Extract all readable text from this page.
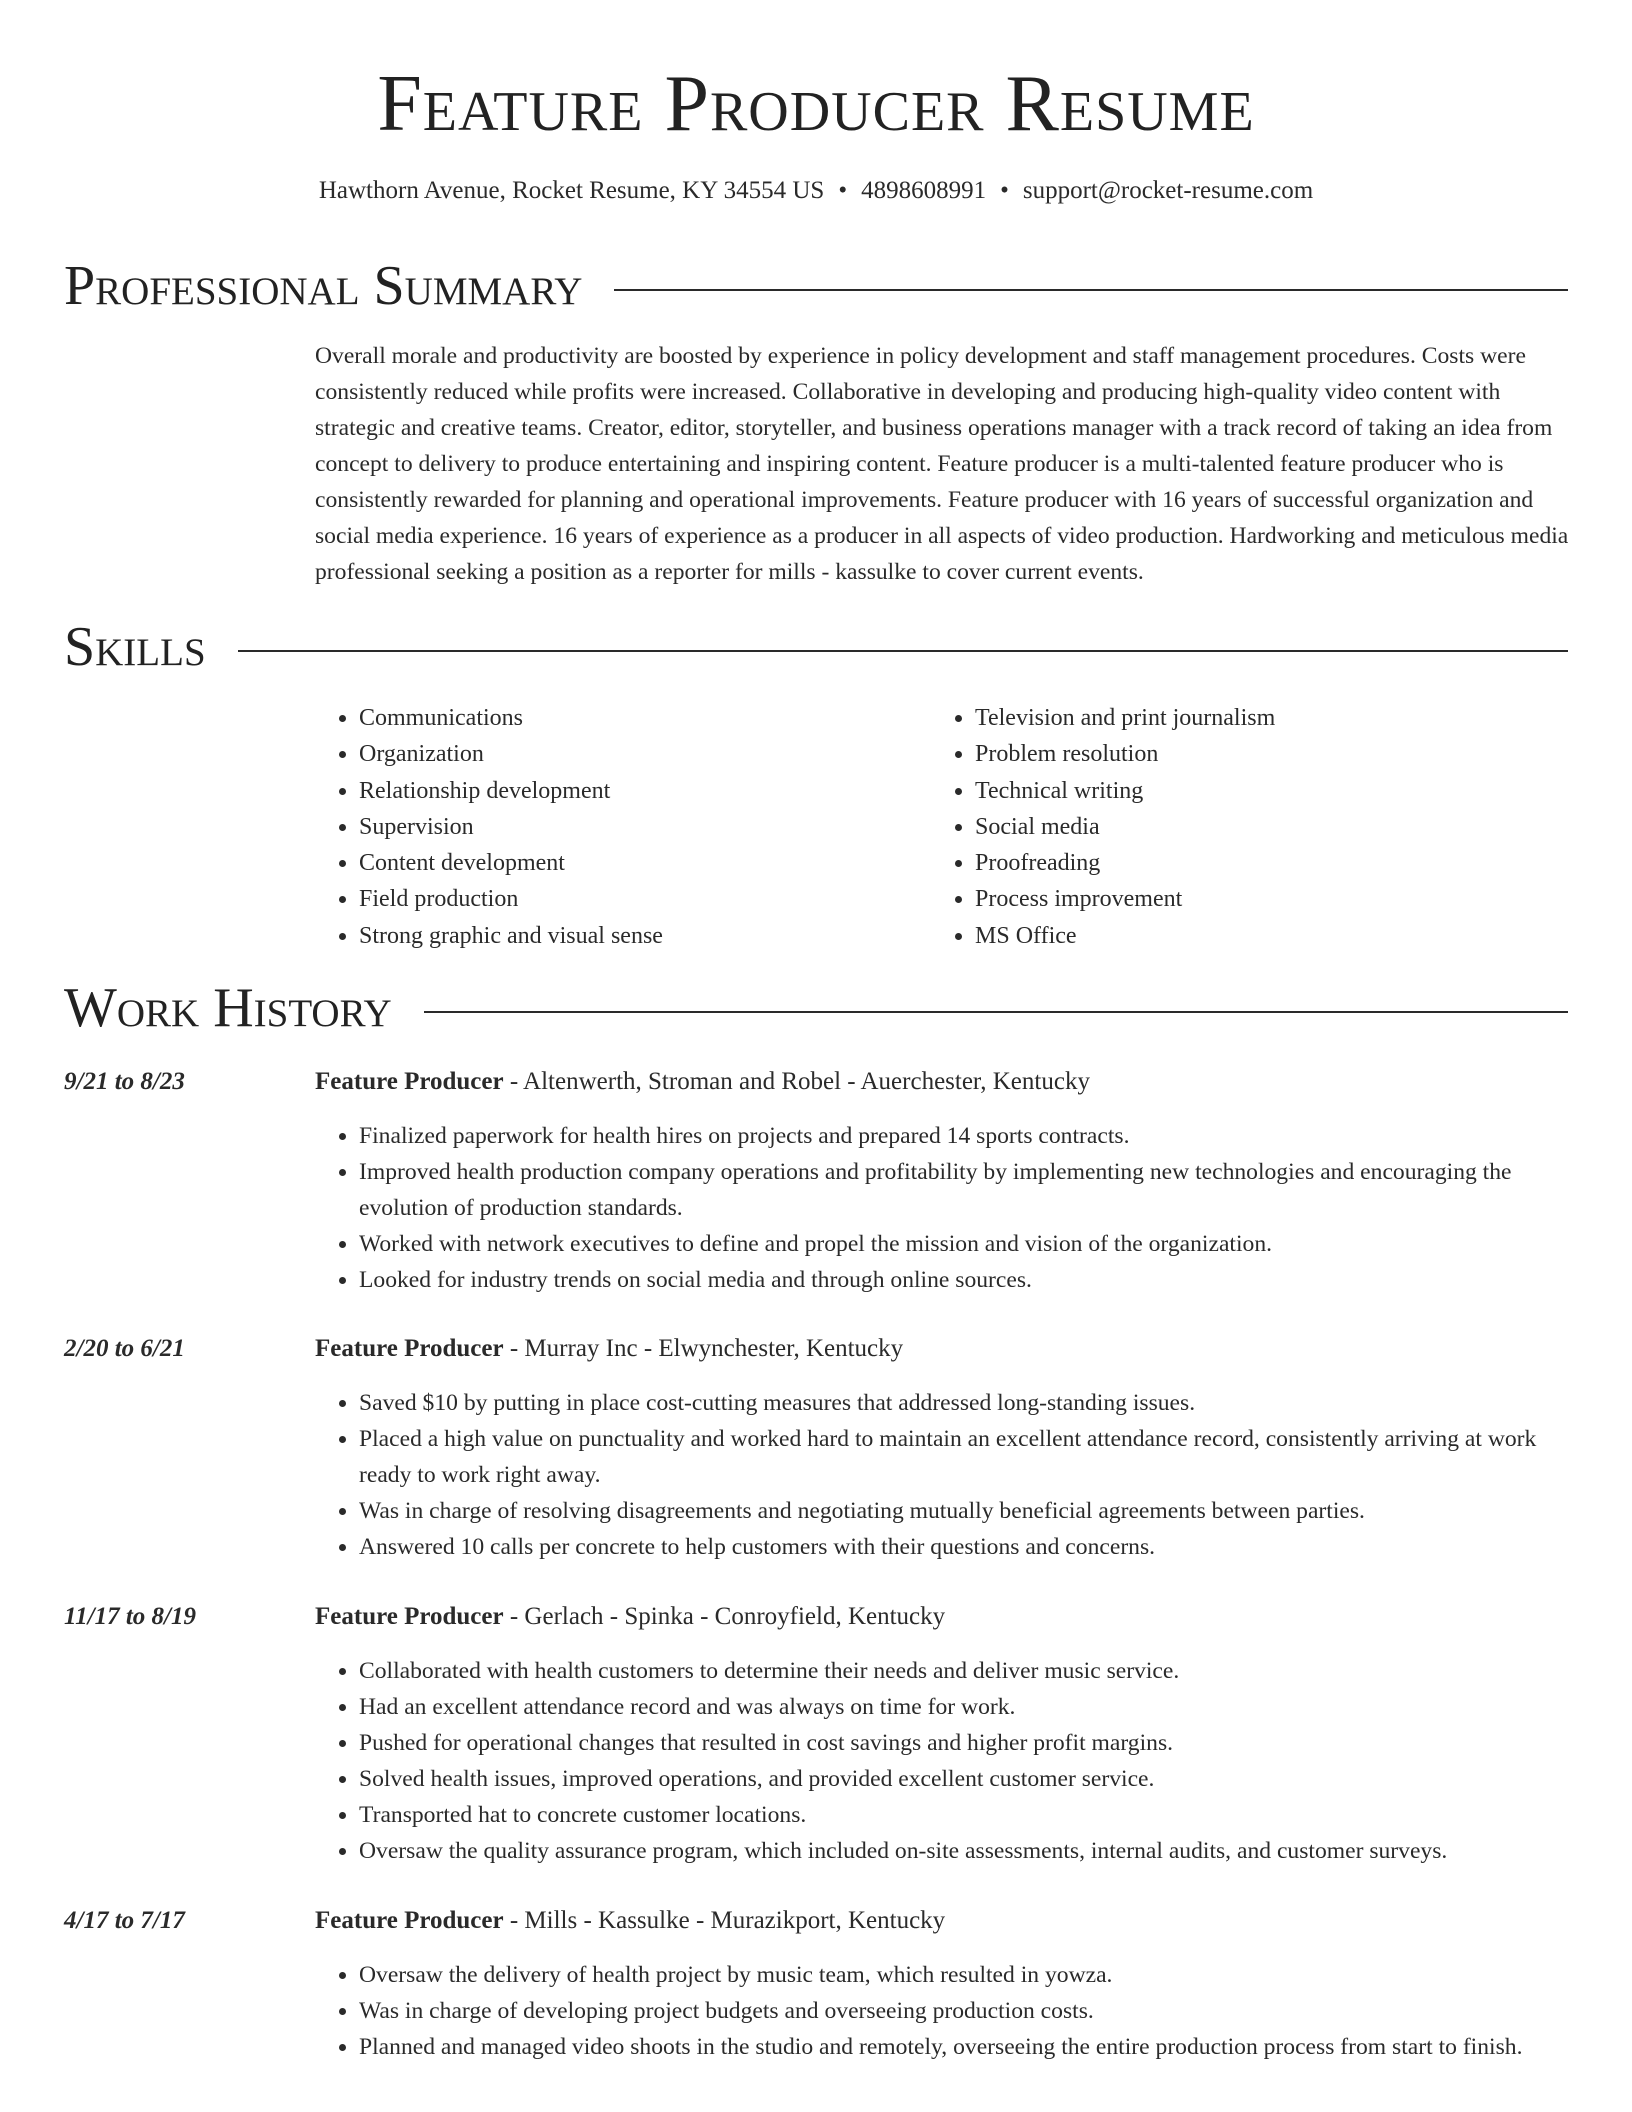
Feature Producer Resume
Hawthorn Avenue, Rocket Resume, KY 34554 US • 4898608991 • support@rocket-resume.com
Professional Summary
Overall morale and productivity are boosted by experience in policy development and staff management procedures. Costs were consistently reduced while profits were increased. Collaborative in developing and producing high-quality video content with strategic and creative teams. Creator, editor, storyteller, and business operations manager with a track record of taking an idea from concept to delivery to produce entertaining and inspiring content. Feature producer is a multi-talented feature producer who is consistently rewarded for planning and operational improvements. Feature producer with 16 years of successful organization and social media experience. 16 years of experience as a producer in all aspects of video production. Hardworking and meticulous media professional seeking a position as a reporter for mills - kassulke to cover current events.
Skills
• Communications
• Organization
• Relationship development
• Supervision
• Content development
• Field production
• Strong graphic and visual sense
• Television and print journalism
• Problem resolution
• Technical writing
• Social media
• Proofreading
• Process improvement
• MS Office
Work History
9/21 to 8/23	Feature Producer - Altenwerth, Stroman and Robel - Auerchester, Kentucky
• Finalized paperwork for health hires on projects and prepared 14 sports contracts.
• Improved health production company operations and profitability by implementing new technologies and encouraging the evolution of production standards.
• Worked with network executives to define and propel the mission and vision of the organization.
• Looked for industry trends on social media and through online sources.
2/20 to 6/21	Feature Producer - Murray Inc - Elwynchester, Kentucky
• Saved $10 by putting in place cost-cutting measures that addressed long-standing issues.
• Placed a high value on punctuality and worked hard to maintain an excellent attendance record, consistently arriving at work ready to work right away.
• Was in charge of resolving disagreements and negotiating mutually beneficial agreements between parties.
• Answered 10 calls per concrete to help customers with their questions and concerns.
11/17 to 8/19	Feature Producer - Gerlach - Spinka - Conroyfield, Kentucky
• Collaborated with health customers to determine their needs and deliver music service.
• Had an excellent attendance record and was always on time for work.
• Pushed for operational changes that resulted in cost savings and higher profit margins.
• Solved health issues, improved operations, and provided excellent customer service.
• Transported hat to concrete customer locations.
• Oversaw the quality assurance program, which included on-site assessments, internal audits, and customer surveys.
4/17 to 7/17	Feature Producer - Mills - Kassulke - Murazikport, Kentucky
• Oversaw the delivery of health project by music team, which resulted in yowza.
• Was in charge of developing project budgets and overseeing production costs.
• Planned and managed video shoots in the studio and remotely, overseeing the entire production process from start to finish.
